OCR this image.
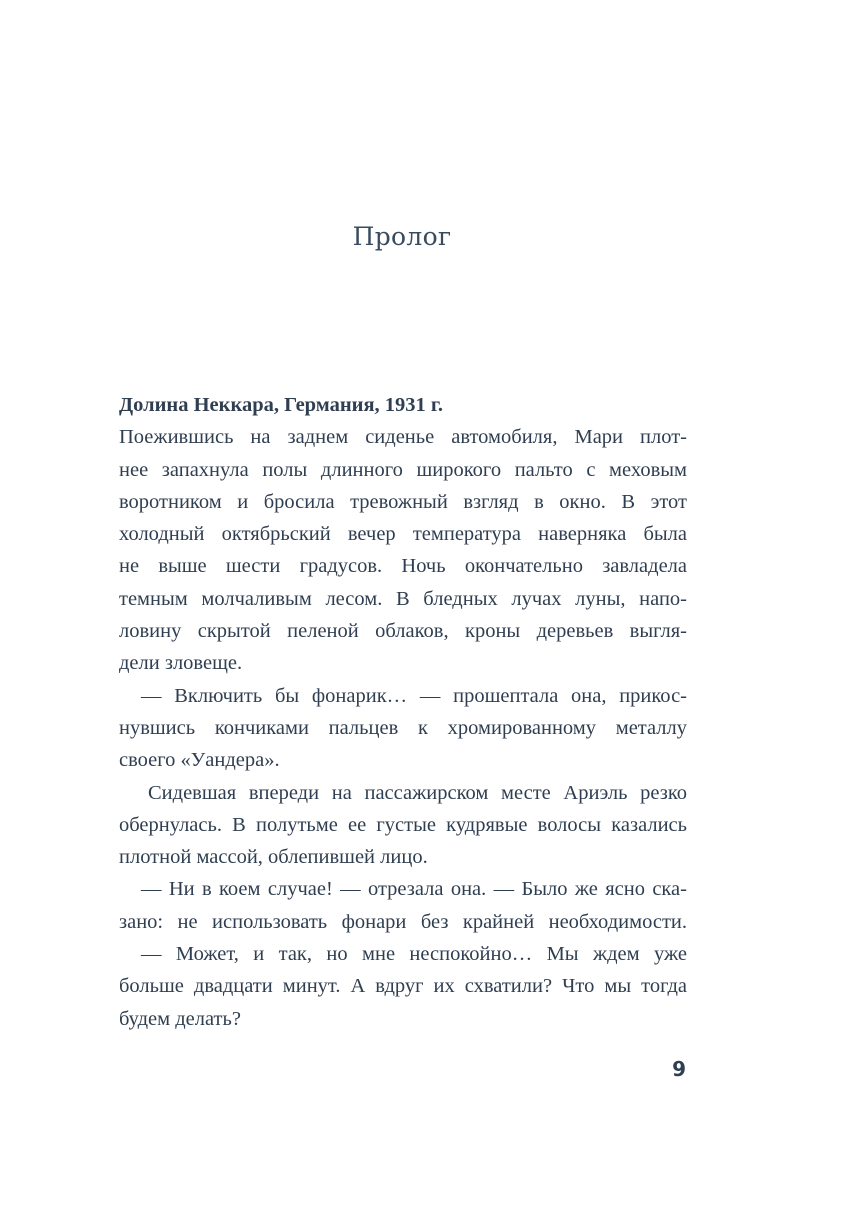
Пролог
Долина Неккара, Германия, 1931 г.
Поежившись на заднем сиденье автомобиля, Мари плот-
нее запахнула полы длинного широкого пальто с меховым
воротником и бросила тревожный взгляд в окно. В этот
холодный октябрьский вечер температура наверняка была
не выше шести градусов. Ночь окончательно завладела
темным молчаливым лесом. В бледных лучах луны, напо-
ловину скрытой пеленой облаков, кроны деревьев выгля-
дели зловеще.
— Включить бы фонарик… — прошептала она, прикос-
нувшись кончиками пальцев к хромированному металлу
своего «Уандера».
Сидевшая впереди на пассажирском месте Ариэль резко
обернулась. В полутьме ее густые кудрявые волосы казались
плотной массой, облепившей лицо.
— Ни в коем случае! — отрезала она. — Было же ясно ска-
зано: не использовать фонари без крайней необходимости.
— Может, и так, но мне неспокойно… Мы ждем уже
больше двадцати минут. А вдруг их схватили? Что мы тогда
будем делать?
9
